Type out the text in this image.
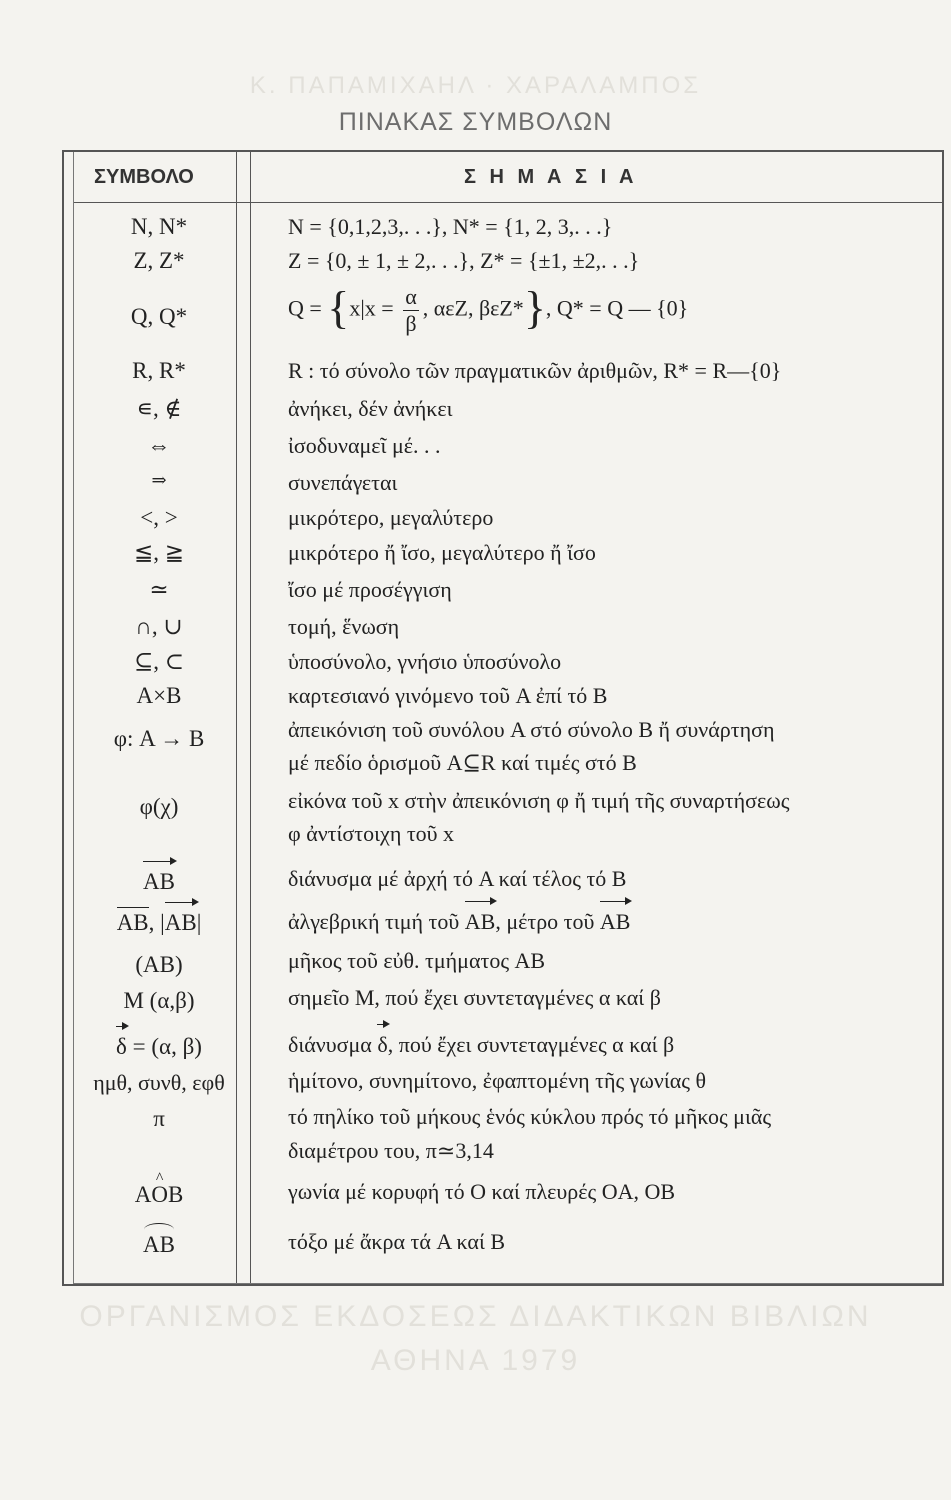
Κ. ΠΑΠΑΜΙΧΑΗΛ · ΧΑΡΑΛΑΜΠΟΣ
ΟΡΓΑΝΙΣΜΟΣ ΕΚΔΟΣΕΩΣ ΔΙΔΑΚΤΙΚΩΝ ΒΙΒΛΙΩΝ
ΑΘΗΝΑ 1979
ΠΙΝΑΚΑΣ ΣΥΜΒΟΛΩΝ
ΣΥΜΒΟΛΟ	Σ Η Μ Α Σ Ι Α
N, N*	N = {0,1,2,3,. . .}, N* = {1, 2, 3,. . .}
Z, Z*	Z = {0, ± 1, ± 2,. . .}, Z* = {±1, ±2,. . .}
Q, Q*	$Q = \{x|x = \frac{\alpha}{\beta}$ , αεZ, βεZ*}, Q* = Q — {0}
R, R*	R : τό σύνολο τῶν πραγματικῶν ἀριθμῶν, R* = R—{0}
∊, ∉	ἀνήκει, δέν ἀνήκει
⇔	ἰσοδυναμεῖ μέ. . .
⇒	συνεπάγεται
<, >	μικρότερο, μεγαλύτερο
≦, ≧	μικρότερο ἤ ἴσο, μεγαλύτερο ἤ ἴσο
≃	ἴσο μέ προσέγγιση
∩, ∪	τομή, ἕνωση
⊆, ⊂	ὑποσύνολο, γνήσιο ὑποσύνολο
A×B	καρτεσιανό γινόμενο τοῦ A ἐπί τό B
φ: A → B	ἀπεικόνιση τοῦ συνόλου A στό σύνολο B ἤ συνάρτηση
μέ πεδίο ὁρισμοῦ A⊆R καί τιμές στό B
φ(χ)	εἰκόνα τοῦ x στὴν ἀπεικόνιση φ ἤ τιμή τῆς συναρτήσεως
φ ἀντίστοιχη τοῦ x
AB	διάνυσμα μέ ἀρχή τό A καί τέλος τό B
AB, |AB|	ἀλγεβρική τιμή τοῦ AB, μέτρο τοῦ AB
(AB)	μῆκος τοῦ εὐθ. τμήματος AB
M (α,β)	σημεῖο M, πού ἔχει συντεταγμένες α καί β
δ = (α, β)	διάνυσμα δ, πού ἔχει συντεταγμένες α καί β
ημθ, συνθ, εφθ	ἡμίτονο, συνημίτονο, ἐφαπτομένη τῆς γωνίας θ
π	τό πηλίκο τοῦ μήκους ἑνός κύκλου πρός τό μῆκος μιᾶς
διαμέτρου του, π≃3,14
A
^
OB	γωνία μέ κορυφή τό O καί πλευρές OA, OB
AB	τόξο μέ ἄκρα τά A καί B
